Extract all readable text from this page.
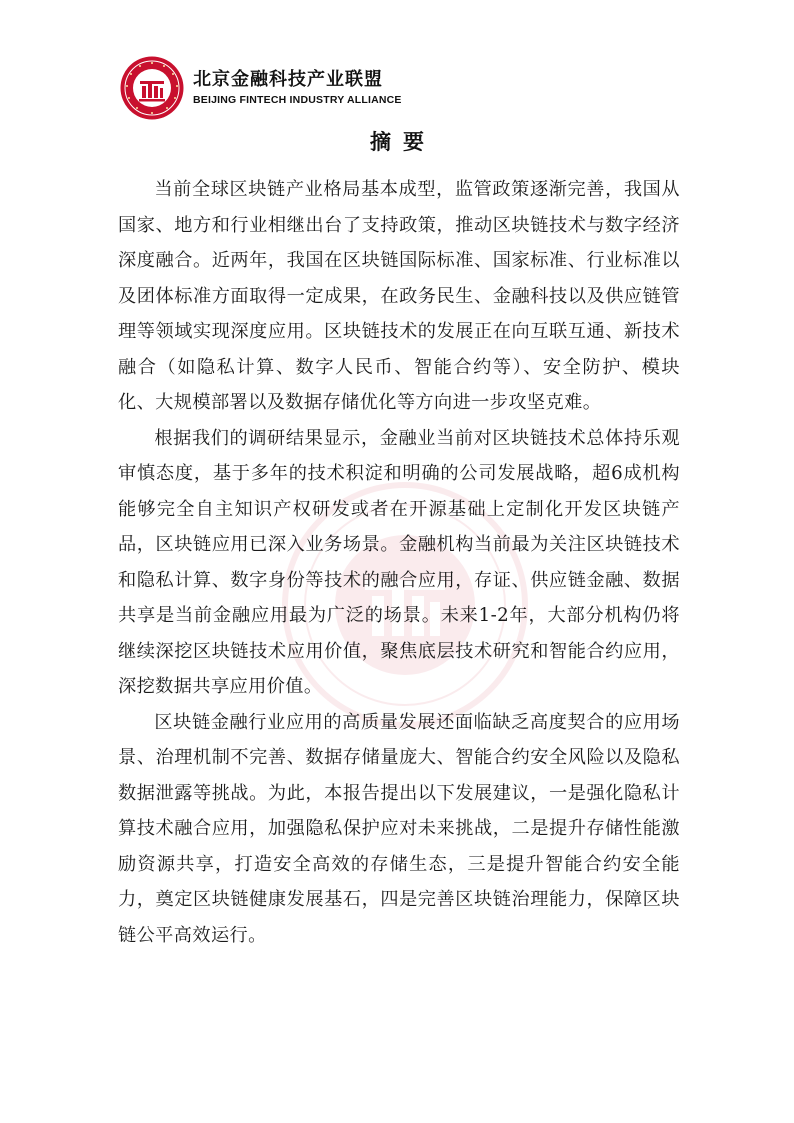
北京金融科技产业联盟
BEIJING FINTECH INDUSTRY ALLIANCE
摘要

当前全球区块链产业格局基本成型，监管政策逐渐完善，我国从国家、地方和行业相继出台了支持政策，推动区块链技术与数字经济深度融合。近两年，我国在区块链国际标准、国家标准、行业标准以及团体标准方面取得一定成果，在政务民生、金融科技以及供应链管理等领域实现深度应用。区块链技术的发展正在向互联互通、新技术融合（如隐私计算、数字人民币、智能合约等）、安全防护、模块化、大规模部署以及数据存储优化等方向进一步攻坚克难。

根据我们的调研结果显示，金融业当前对区块链技术总体持乐观审慎态度，基于多年的技术积淀和明确的公司发展战略，超6成机构能够完全自主知识产权研发或者在开源基础上定制化开发区块链产品，区块链应用已深入业务场景。金融机构当前最为关注区块链技术和隐私计算、数字身份等技术的融合应用，存证、供应链金融、数据共享是当前金融应用最为广泛的场景。未来1-2年，大部分机构仍将继续深挖区块链技术应用价值，聚焦底层技术研究和智能合约应用，深挖数据共享应用价值。

区块链金融行业应用的高质量发展还面临缺乏高度契合的应用场景、治理机制不完善、数据存储量庞大、智能合约安全风险以及隐私数据泄露等挑战。为此，本报告提出以下发展建议，一是强化隐私计算技术融合应用，加强隐私保护应对未来挑战，二是提升存储性能激励资源共享，打造安全高效的存储生态，三是提升智能合约安全能力，奠定区块链健康发展基石，四是完善区块链治理能力，保障区块链公平高效运行。
